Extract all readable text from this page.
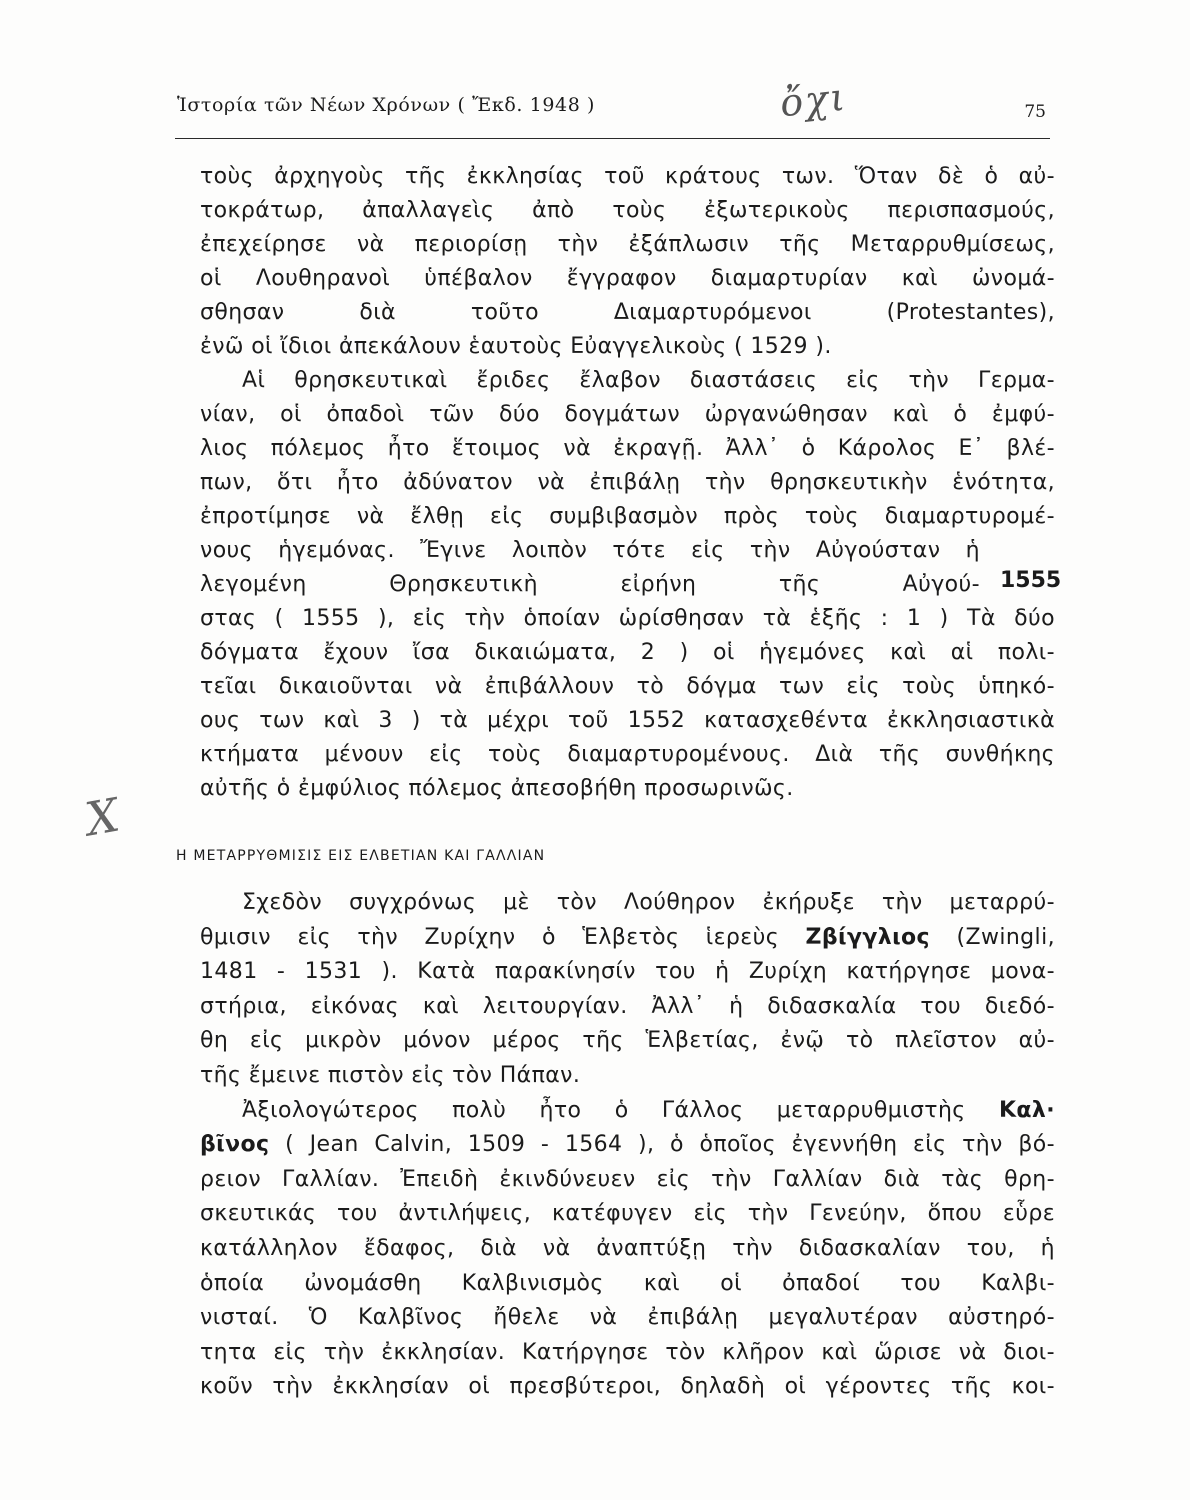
Ἱστορία τῶν Νέων Χρόνων ( Ἔκδ. 1948 )	ὄχι	75
τοὺς ἀρχηγοὺς τῆς ἐκκλησίας τοῦ κράτους των. Ὅταν δὲ ὁ αὐ-
τοκράτωρ, ἀπαλλαγεὶς ἀπὸ τοὺς ἐξωτερικοὺς περισπασμούς,
ἐπεχείρησε νὰ περιορίσῃ τὴν ἐξάπλωσιν τῆς Μεταρρυθμίσεως,
οἱ Λουθηρανοὶ ὑπέβαλον ἔγγραφον διαμαρτυρίαν καὶ ὠνομά-
σθησαν διὰ τοῦτο Διαμαρτυρόμενοι (Protestantes),
ἐνῶ οἱ ἴδιοι ἀπεκάλουν ἑαυτοὺς Εὐαγγελικοὺς ( 1529 ).
Αἱ θρησκευτικαὶ ἔριδες ἔλαβον διαστάσεις εἰς τὴν Γερμα-
νίαν, οἱ ὀπαδοὶ τῶν δύο δογμάτων ὠργανώθησαν καὶ ὁ ἐμφύ-
λιος πόλεμος ἦτο ἕτοιμος νὰ ἐκραγῇ. Ἀλλ᾽ ὁ Κάρολος Ε᾽ βλέ-
πων, ὅτι ἦτο ἀδύνατον νὰ ἐπιβάλῃ τὴν θρησκευτικὴν ἑνότητα,
ἐπροτίμησε νὰ ἔλθῃ εἰς συμβιβασμὸν πρὸς τοὺς διαμαρτυρομέ-
νους ἡγεμόνας. Ἔγινε λοιπὸν τότε εἰς τὴν Αὐγούσταν ἡ
λεγομένη Θρησκευτικὴ εἰρήνη τῆς Αὐγού-
στας ( 1555 ), εἰς τὴν ὁποίαν ὡρίσθησαν τὰ ἑξῆς : 1 ) Τὰ δύο
δόγματα ἔχουν ἴσα δικαιώματα, 2 ) οἱ ἡγεμόνες καὶ αἱ πολι-
τεῖαι δικαιοῦνται νὰ ἐπιβάλλουν τὸ δόγμα των εἰς τοὺς ὑπηκό-
ους των καὶ 3 ) τὰ μέχρι τοῦ 1552 κατασχεθέντα ἐκκλησιαστικὰ
κτήματα μένουν εἰς τοὺς διαμαρτυρομένους. Διὰ τῆς συνθήκης
αὐτῆς ὁ ἐμφύλιος πόλεμος ἀπεσοβήθη προσωρινῶς.
1555
X
Η ΜΕΤΑΡΡΥΘΜΙΣΙΣ ΕΙΣ ΕΛΒΕΤΙΑΝ ΚΑΙ ΓΑΛΛΙΑΝ
Σχεδὸν συγχρόνως μὲ τὸν Λούθηρον ἐκήρυξε τὴν μεταρρύ-
θμισιν εἰς τὴν Ζυρίχην ὁ Ἑλβετὸς ἱερεὺς Ζβίγγλιος (Zwingli,
1481 - 1531 ). Κατὰ παρακίνησίν του ἡ Ζυρίχη κατήργησε μονα-
στήρια, εἰκόνας καὶ λειτουργίαν. Ἀλλ᾽ ἡ διδασκαλία του διεδό-
θη εἰς μικρὸν μόνον μέρος τῆς Ἑλβετίας, ἐνῷ τὸ πλεῖστον αὐ-
τῆς ἔμεινε πιστὸν εἰς τὸν Πάπαν.
Ἀξιολογώτερος πολὺ ἦτο ὁ Γάλλος μεταρρυθμιστὴς Καλ·
βῖνος ( Jean Calvin, 1509 - 1564 ), ὁ ὁποῖος ἐγεννήθη εἰς τὴν βό-
ρειον Γαλλίαν. Ἐπειδὴ ἐκινδύνευεν εἰς τὴν Γαλλίαν διὰ τὰς θρη-
σκευτικάς του ἀντιλήψεις, κατέφυγεν εἰς τὴν Γενεύην, ὅπου εὗρε
κατάλληλον ἔδαφος, διὰ νὰ ἀναπτύξῃ τὴν διδασκαλίαν του, ἡ
ὁποία ὠνομάσθη Καλβινισμὸς καὶ οἱ ὀπαδοί του Καλβι-
νισταί. Ὁ Καλβῖνος ἤθελε νὰ ἐπιβάλῃ μεγαλυτέραν αὐστηρό-
τητα εἰς τὴν ἐκκλησίαν. Κατήργησε τὸν κλῆρον καὶ ὥρισε νὰ διοι-
κοῦν τὴν ἐκκλησίαν οἱ πρεσβύτεροι, δηλαδὴ οἱ γέροντες τῆς κοι-
